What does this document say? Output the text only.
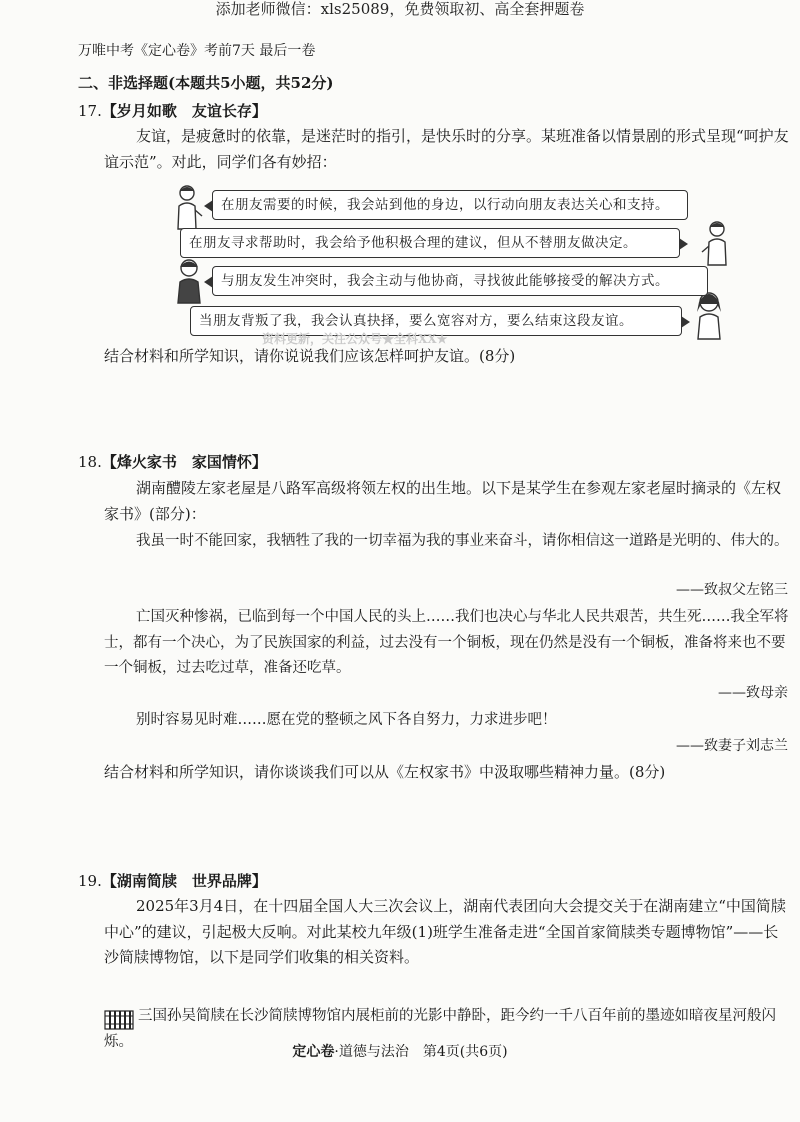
添加老师微信：xls25089，免费领取初、高全套押题卷
万唯中考《定心卷》考前7天 最后一卷
二、非选择题(本题共5小题，共52分)
17.【岁月如歌　友谊长存】

友谊，是疲惫时的依靠，是迷茫时的指引，是快乐时的分享。某班准备以情景剧的形式呈现“呵护友谊示范”。对此，同学们各有妙招：

在朋友需要的时候，我会站到他的身边，以行动向朋友表达关心和支持。
在朋友寻求帮助时，我会给予他积极合理的建议，但从不替朋友做决定。
与朋友发生冲突时，我会主动与他协商，寻找彼此能够接受的解决方式。
当朋友背叛了我，我会认真抉择，要么宽容对方，要么结束这段友谊。
资料更新，关注公众号★全科XX★

结合材料和所学知识，请你说说我们应该怎样呵护友谊。(8分)

18.【烽火家书　家国情怀】

湖南醴陵左家老屋是八路军高级将领左权的出生地。以下是某学生在参观左家老屋时摘录的《左权家书》(部分)：

我虽一时不能回家，我牺牲了我的一切幸福为我的事业来奋斗，请你相信这一道路是光明的、伟大的。

——致叔父左铭三

亡国灭种惨祸，已临到每一个中国人民的头上……我们也决心与华北人民共艰苦，共生死……我全军将士，都有一个决心，为了民族国家的利益，过去没有一个铜板，现在仍然是没有一个铜板，准备将来也不要一个铜板，过去吃过草，准备还吃草。

——致母亲

别时容易见时难……愿在党的整顿之风下各自努力，力求进步吧！

——致妻子刘志兰

结合材料和所学知识，请你谈谈我们可以从《左权家书》中汲取哪些精神力量。(8分)

19.【湖南简牍　世界品牌】

2025年3月4日，在十四届全国人大三次会议上，湖南代表团向大会提交关于在湖南建立“中国简牍中心”的建议，引起极大反响。对此某校九年级(1)班学生准备走进“全国首家简牍类专题博物馆”——长沙简牍博物馆，以下是同学们收集的相关资料。

三国孙吴简牍在长沙简牍博物馆内展柜前的光影中静卧，距今约一千八百年前的墨迹如暗夜星河般闪烁。

定心卷·道德与法治　第4页(共6页)
